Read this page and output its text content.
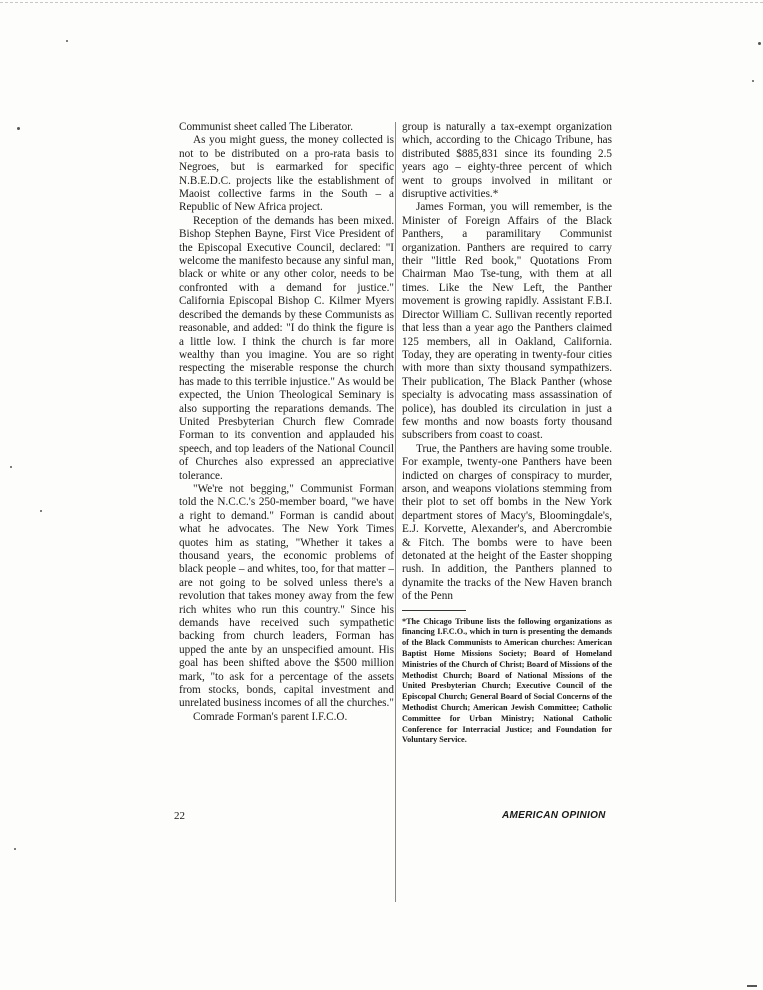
Communist sheet called The Liberator.

As you might guess, the money collected is not to be distributed on a pro-rata basis to Negroes, but is earmarked for specific N.B.E.D.C. projects like the establishment of Maoist collective farms in the South – a Republic of New Africa project.

Reception of the demands has been mixed. Bishop Stephen Bayne, First Vice President of the Episcopal Executive Council, declared: "I welcome the manifesto because any sinful man, black or white or any other color, needs to be confronted with a demand for justice." California Episcopal Bishop C. Kilmer Myers described the demands by these Communists as reasonable, and added: "I do think the figure is a little low. I think the church is far more wealthy than you imagine. You are so right respecting the miserable response the church has made to this terrible injustice." As would be expected, the Union Theological Seminary is also supporting the reparations demands. The United Presbyterian Church flew Comrade Forman to its convention and applauded his speech, and top leaders of the National Council of Churches also expressed an appreciative tolerance.

"We're not begging," Communist Forman told the N.C.C.'s 250-member board, "we have a right to demand." Forman is candid about what he advocates. The New York Times quotes him as stating, "Whether it takes a thousand years, the economic problems of black people – and whites, too, for that matter – are not going to be solved unless there's a revolution that takes money away from the few rich whites who run this country." Since his demands have received such sympathetic backing from church leaders, Forman has upped the ante by an unspecified amount. His goal has been shifted above the $500 million mark, "to ask for a percentage of the assets from stocks, bonds, capital investment and unrelated business incomes of all the churches."

Comrade Forman's parent I.F.C.O.

group is naturally a tax-exempt organization which, according to the Chicago Tribune, has distributed $885,831 since its founding 2.5 years ago – eighty-three percent of which went to groups involved in militant or disruptive activities.*

James Forman, you will remember, is the Minister of Foreign Affairs of the Black Panthers, a paramilitary Communist organization. Panthers are required to carry their "little Red book," Quotations From Chairman Mao Tse-tung, with them at all times. Like the New Left, the Panther movement is growing rapidly. Assistant F.B.I. Director William C. Sullivan recently reported that less than a year ago the Panthers claimed 125 members, all in Oakland, California. Today, they are operating in twenty-four cities with more than sixty thousand sympathizers. Their publication, The Black Panther (whose specialty is advocating mass assassination of police), has doubled its circulation in just a few months and now boasts forty thousand subscribers from coast to coast.

True, the Panthers are having some trouble. For example, twenty-one Panthers have been indicted on charges of conspiracy to murder, arson, and weapons violations stemming from their plot to set off bombs in the New York department stores of Macy's, Bloomingdale's, E.J. Korvette, Alexander's, and Abercrombie & Fitch. The bombs were to have been detonated at the height of the Easter shopping rush. In addition, the Panthers planned to dynamite the tracks of the New Haven branch of the Penn

*The Chicago Tribune lists the following organizations as financing I.F.C.O., which in turn is presenting the demands of the Black Communists to American churches: American Baptist Home Missions Society; Board of Homeland Ministries of the Church of Christ; Board of Missions of the Methodist Church; Board of National Missions of the United Presbyterian Church; Executive Council of the Episcopal Church; General Board of Social Concerns of the Methodist Church; American Jewish Committee; Catholic Committee for Urban Ministry; National Catholic Conference for Interracial Justice; and Foundation for Voluntary Service.

22	AMERICAN OPINION
